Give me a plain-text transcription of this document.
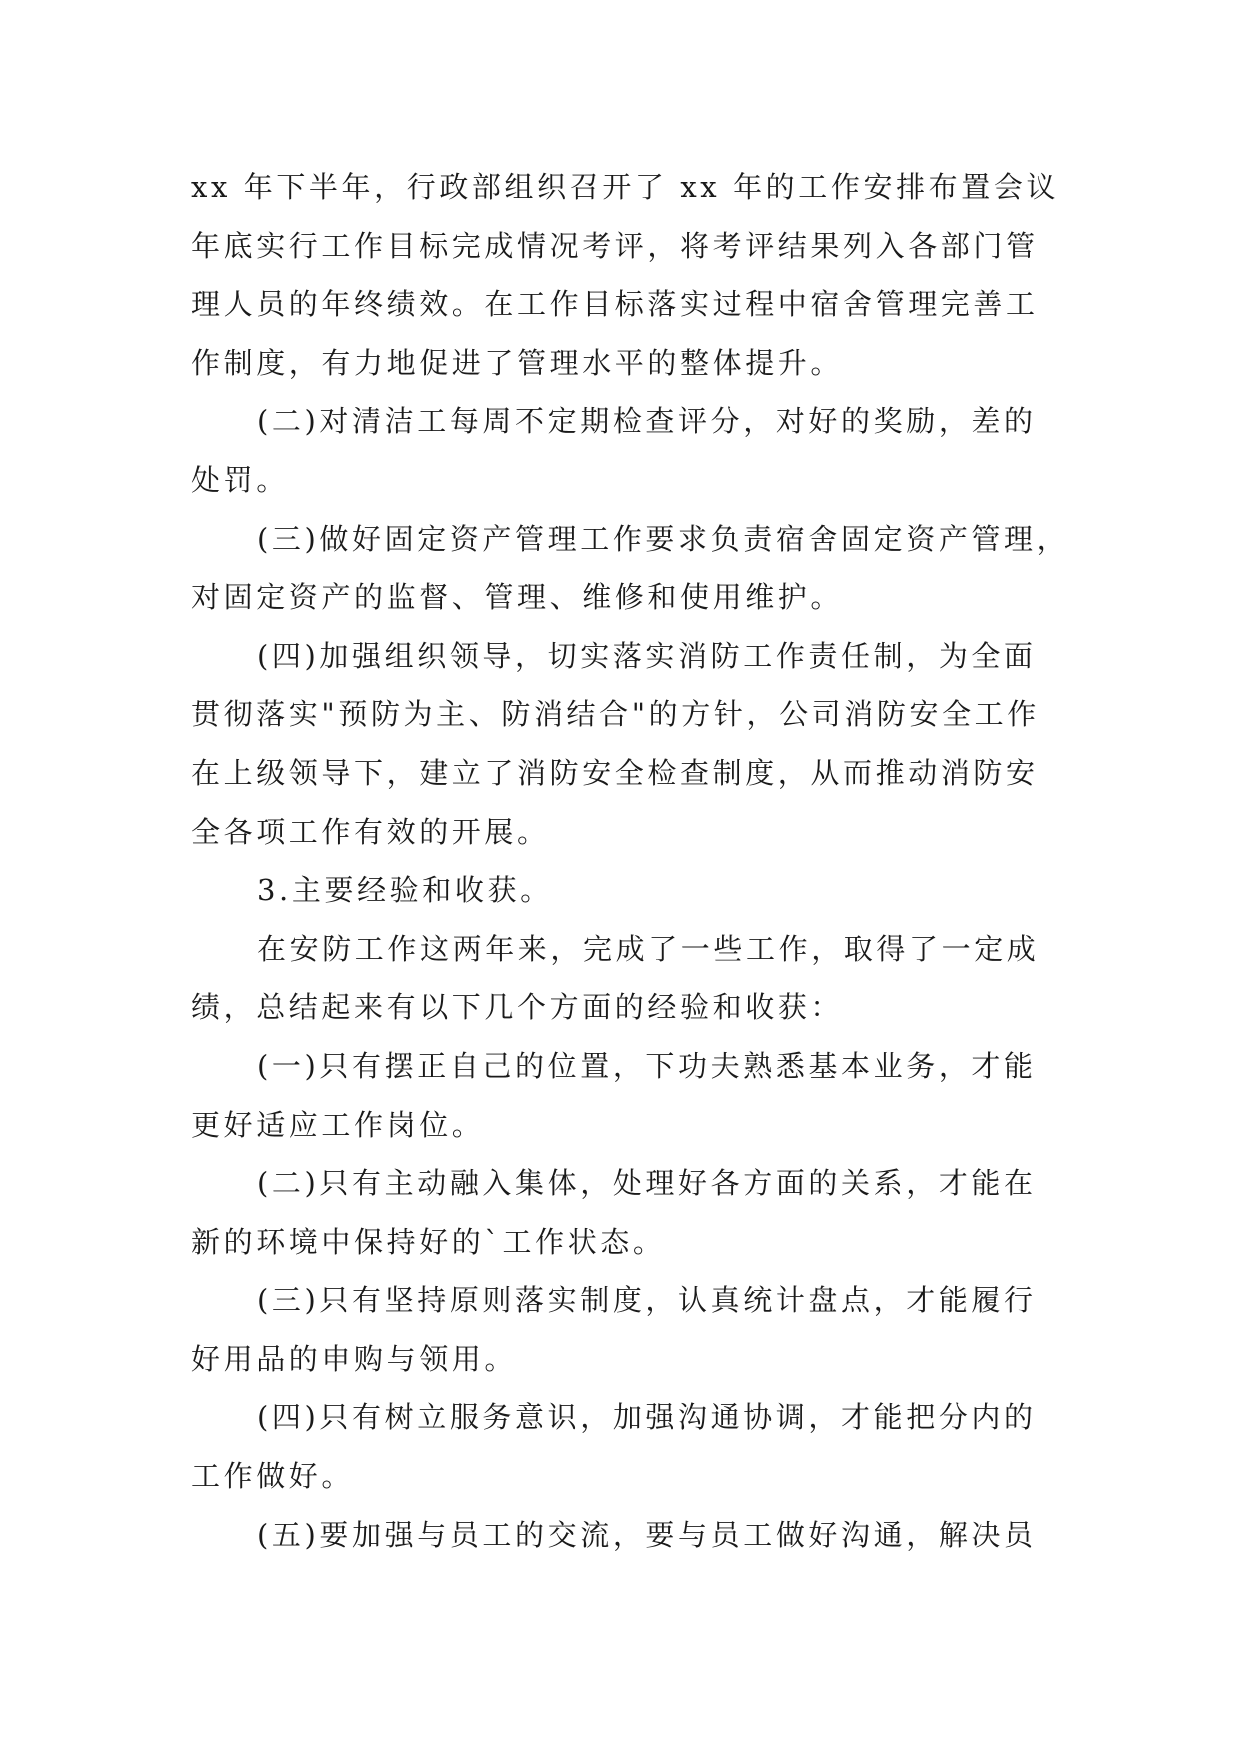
xx 年下半年，行政部组织召开了 xx 年的工作安排布置会议
年底实行工作目标完成情况考评，将考评结果列入各部门管
理人员的年终绩效。在工作目标落实过程中宿舍管理完善工
作制度，有力地促进了管理水平的整体提升。
(二)对清洁工每周不定期检查评分，对好的奖励，差的
处罚。
(三)做好固定资产管理工作要求负责宿舍固定资产管理，
对固定资产的监督、管理、维修和使用维护。
(四)加强组织领导，切实落实消防工作责任制，为全面
贯彻落实"预防为主、防消结合"的方针，公司消防安全工作
在上级领导下，建立了消防安全检查制度，从而推动消防安
全各项工作有效的开展。
3.主要经验和收获。
在安防工作这两年来，完成了一些工作，取得了一定成
绩，总结起来有以下几个方面的经验和收获：
(一)只有摆正自己的位置，下功夫熟悉基本业务，才能
更好适应工作岗位。
(二)只有主动融入集体，处理好各方面的关系，才能在
新的环境中保持好的`工作状态。
(三)只有坚持原则落实制度，认真统计盘点，才能履行
好用品的申购与领用。
(四)只有树立服务意识，加强沟通协调，才能把分内的
工作做好。
(五)要加强与员工的交流，要与员工做好沟通，解决员
